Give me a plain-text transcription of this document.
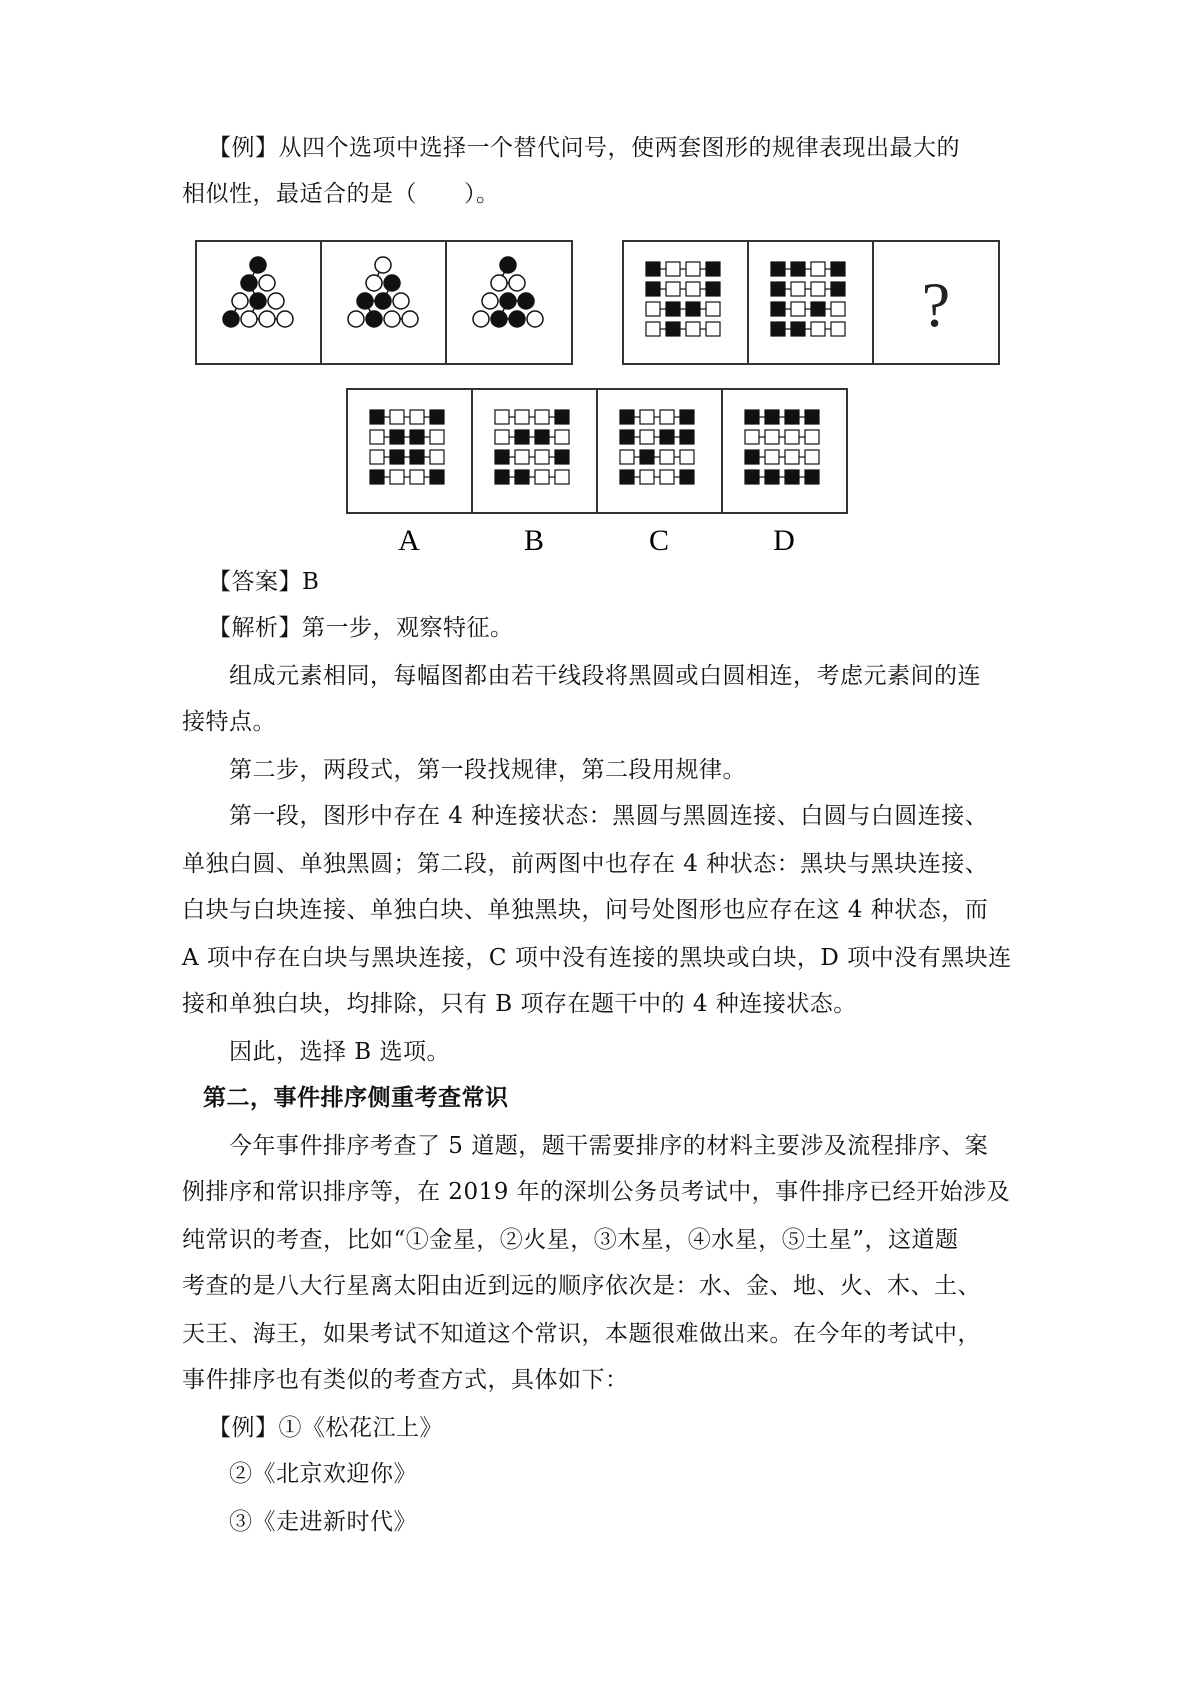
【例】从四个选项中选择一个替代问号，使两套图形的规律表现出最大的
相似性，最适合的是（　　）。
?
A	B	C	D
【答案】B
【解析】第一步，观察特征。
组成元素相同，每幅图都由若干线段将黑圆或白圆相连，考虑元素间的连
接特点。
第二步，两段式，第一段找规律，第二段用规律。
第一段，图形中存在 4 种连接状态：黑圆与黑圆连接、白圆与白圆连接、
单独白圆、单独黑圆；第二段，前两图中也存在 4 种状态：黑块与黑块连接、
白块与白块连接、单独白块、单独黑块，问号处图形也应存在这 4 种状态，而
A 项中存在白块与黑块连接，C 项中没有连接的黑块或白块，D 项中没有黑块连
接和单独白块，均排除，只有 B 项存在题干中的 4 种连接状态。
因此，选择 B 选项。
第二，事件排序侧重考查常识
今年事件排序考查了 5 道题，题干需要排序的材料主要涉及流程排序、案
例排序和常识排序等，在 2019 年的深圳公务员考试中，事件排序已经开始涉及
纯常识的考查，比如“①金星，②火星，③木星，④水星，⑤土星”，这道题
考查的是八大行星离太阳由近到远的顺序依次是：水、金、地、火、木、土、
天王、海王，如果考试不知道这个常识，本题很难做出来。在今年的考试中，
事件排序也有类似的考查方式，具体如下：
【例】①《松花江上》
②《北京欢迎你》
③《走进新时代》
